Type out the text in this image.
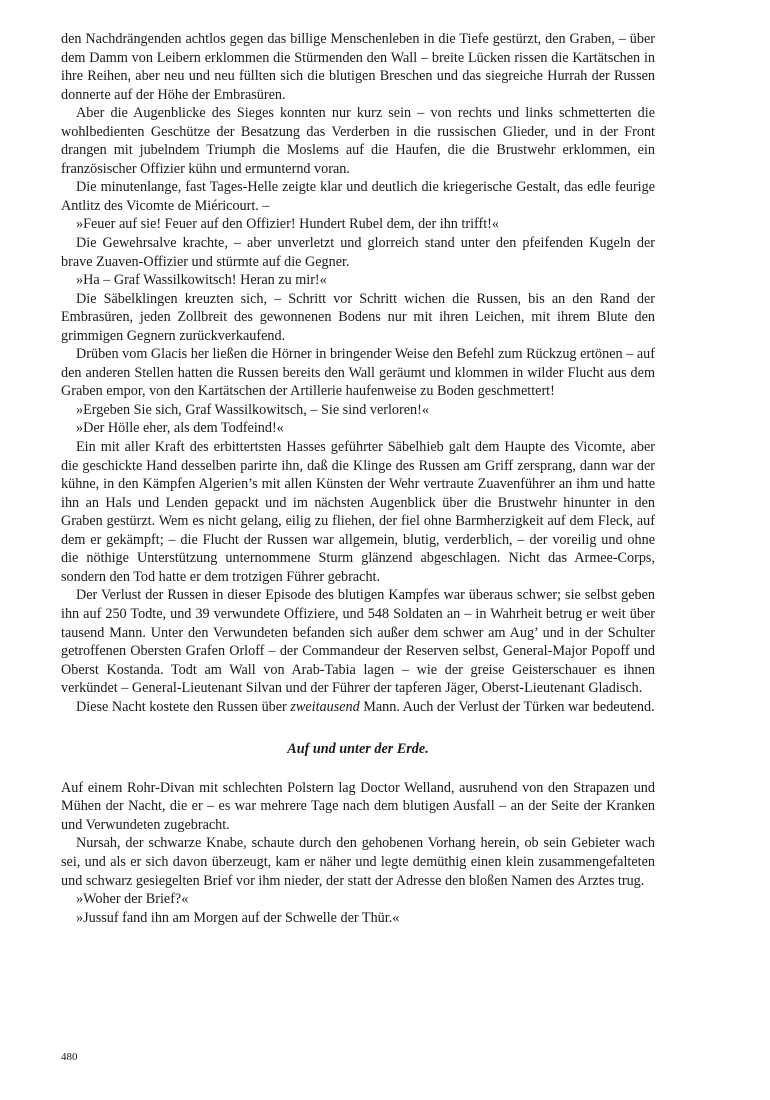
den Nachdrängenden achtlos gegen das billige Menschenleben in die Tiefe gestürzt, den Graben, – über dem Damm von Leibern erklommen die Stürmenden den Wall – breite Lücken rissen die Kartätschen in ihre Reihen, aber neu und neu füllten sich die blutigen Breschen und das siegreiche Hurrah der Russen donnerte auf der Höhe der Embrasüren.

Aber die Augenblicke des Sieges konnten nur kurz sein – von rechts und links schmetterten die wohlbedienten Geschütze der Besatzung das Verderben in die russischen Glieder, und in der Front drangen mit jubelndem Triumph die Moslems auf die Haufen, die die Brustwehr erklommen, ein französischer Offizier kühn und ermunternd voran.

Die minutenlange, fast Tages-Helle zeigte klar und deutlich die kriegerische Gestalt, das edle feurige Antlitz des Vicomte de Miéricourt. –

»Feuer auf sie! Feuer auf den Offizier! Hundert Rubel dem, der ihn trifft!«

Die Gewehrsalve krachte, – aber unverletzt und glorreich stand unter den pfeifenden Kugeln der brave Zuaven-Offizier und stürmte auf die Gegner.

»Ha – Graf Wassilkowitsch! Heran zu mir!«

Die Säbelklingen kreuzten sich, – Schritt vor Schritt wichen die Russen, bis an den Rand der Embrasüren, jeden Zollbreit des gewonnenen Bodens nur mit ihren Leichen, mit ihrem Blute den grimmigen Gegnern zurückverkaufend.

Drüben vom Glacis her ließen die Hörner in bringender Weise den Befehl zum Rückzug ertönen – auf den anderen Stellen hatten die Russen bereits den Wall geräumt und klommen in wilder Flucht aus dem Graben empor, von den Kartätschen der Artillerie haufenweise zu Boden geschmettert!

»Ergeben Sie sich, Graf Wassilkowitsch, – Sie sind verloren!«

»Der Hölle eher, als dem Todfeind!«

Ein mit aller Kraft des erbittertsten Hasses geführter Säbelhieb galt dem Haupte des Vicomte, aber die geschickte Hand desselben parirte ihn, daß die Klinge des Russen am Griff zersprang, dann war der kühne, in den Kämpfen Algerien’s mit allen Künsten der Wehr vertraute Zuavenführer an ihm und hatte ihn an Hals und Lenden gepackt und im nächsten Augenblick über die Brustwehr hinunter in den Graben gestürzt. Wem es nicht gelang, eilig zu fliehen, der fiel ohne Barmherzigkeit auf dem Fleck, auf dem er gekämpft; – die Flucht der Russen war allgemein, blutig, verderblich, – der voreilig und ohne die nöthige Unterstützung unternommene Sturm glänzend abgeschlagen. Nicht das Armee-Corps, sondern den Tod hatte er dem trotzigen Führer gebracht.

Der Verlust der Russen in dieser Episode des blutigen Kampfes war überaus schwer; sie selbst geben ihn auf 250 Todte, und 39 verwundete Offiziere, und 548 Soldaten an – in Wahrheit betrug er weit über tausend Mann. Unter den Verwundeten befanden sich außer dem schwer am Aug’ und in der Schulter getroffenen Obersten Grafen Orloff – der Commandeur der Reserven selbst, General-Major Popoff und Oberst Kostanda. Todt am Wall von Arab-Tabia lagen – wie der greise Geisterschauer es ihnen verkündet – General-Lieutenant Silvan und der Führer der tapferen Jäger, Oberst-Lieutenant Gladisch.

Diese Nacht kostete den Russen über zweitausend Mann. Auch der Verlust der Türken war bedeutend.

Auf und unter der Erde.

Auf einem Rohr-Divan mit schlechten Polstern lag Doctor Welland, ausruhend von den Strapazen und Mühen der Nacht, die er – es war mehrere Tage nach dem blutigen Ausfall – an der Seite der Kranken und Verwundeten zugebracht.

Nursah, der schwarze Knabe, schaute durch den gehobenen Vorhang herein, ob sein Gebieter wach sei, und als er sich davon überzeugt, kam er näher und legte demüthig einen klein zusammengefalteten und schwarz gesiegelten Brief vor ihm nieder, der statt der Adresse den bloßen Namen des Arztes trug.

»Woher der Brief?«

»Jussuf fand ihn am Morgen auf der Schwelle der Thür.«

480
